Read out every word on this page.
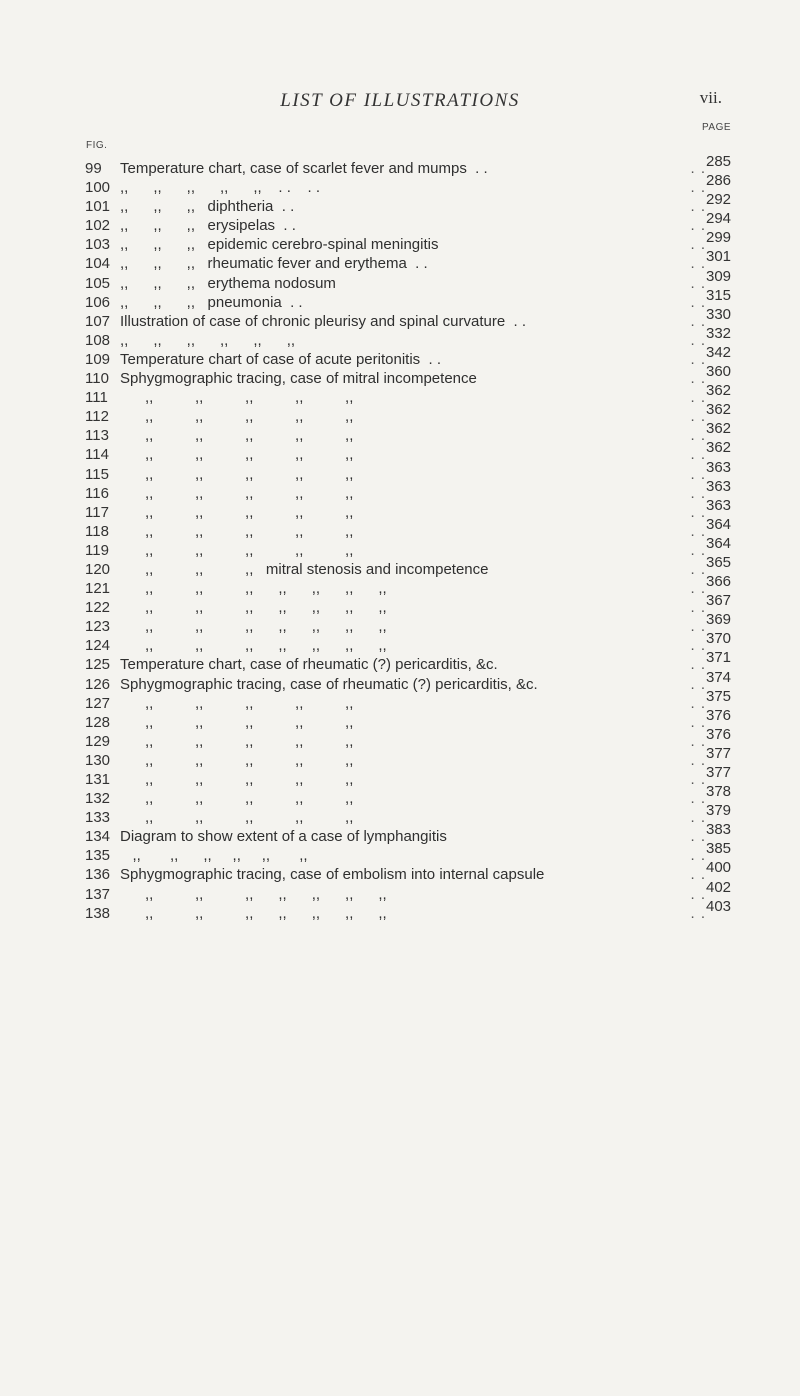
LIST OF ILLUSTRATIONS	vii.
FIG.
PAGE
99	Temperature chart, case of scarlet fever and mumps  . .	. . 285
100 ,,      ,,      ,,      ,,      ,,    . .    . .	. . 286
101 ,,      ,,      ,,   diphtheria  . .	. . 292
102 ,,      ,,      ,,   erysipelas  . .	. . 294
103 ,,      ,,      ,,   epidemic cerebro-spinal meningitis	. . 299
104 ,,      ,,      ,,   rheumatic fever and erythema  . .	. . 301
105 ,,      ,,      ,,   erythema nodosum	. . 309
106 ,,      ,,      ,,   pneumonia  . .	. . 315
107 Illustration of case of chronic pleurisy and spinal curvature  . .	. . 330
108 ,,      ,,      ,,      ,,      ,,      ,,	. . 332
109 Temperature chart of case of acute peritonitis  . .	. . 342
110 Sphygmographic tracing, case of mitral incompetence	. . 360
111 ,,          ,,          ,,          ,,          ,,	. . 362
112 ,,          ,,          ,,          ,,          ,,	. . 362
113 ,,          ,,          ,,          ,,          ,,	. . 362
114 ,,          ,,          ,,          ,,          ,,	. . 362
115 ,,          ,,          ,,          ,,          ,,	. . 363
116 ,,          ,,          ,,          ,,          ,,	. . 363
117 ,,          ,,          ,,          ,,          ,,	. . 363
118 ,,          ,,          ,,          ,,          ,,	. . 364
119 ,,          ,,          ,,          ,,          ,,	. . 364
120 ,,          ,,          ,,   mitral stenosis and incompetence	. . 365
121 ,,          ,,          ,,      ,,      ,,      ,,      ,,	. . 366
122 ,,          ,,          ,,      ,,      ,,      ,,      ,,	. . 367
123 ,,          ,,          ,,      ,,      ,,      ,,      ,,	. . 369
124 ,,          ,,          ,,      ,,      ,,      ,,      ,,	. . 370
125 Temperature chart, case of rheumatic (?) pericarditis, &c.	. . 371
126 Sphygmographic tracing, case of rheumatic (?) pericarditis, &c.	. . 374
127 ,,          ,,          ,,          ,,          ,,	. . 375
128 ,,          ,,          ,,          ,,          ,,	. . 376
129 ,,          ,,          ,,          ,,          ,,	. . 376
130 ,,          ,,          ,,          ,,          ,,	. . 377
131 ,,          ,,          ,,          ,,          ,,	. . 377
132 ,,          ,,          ,,          ,,          ,,	. . 378
133 ,,          ,,          ,,          ,,          ,,	. . 379
134 Diagram to show extent of a case of lymphangitis	. . 383
135 ,,       ,,      ,,     ,,     ,,       ,,	. . 385
136 Sphygmographic tracing, case of embolism into internal capsule	. . 400
137 ,,          ,,          ,,      ,,      ,,      ,,      ,,	. . 402
138 ,,          ,,          ,,      ,,      ,,      ,,      ,,	. . 403
